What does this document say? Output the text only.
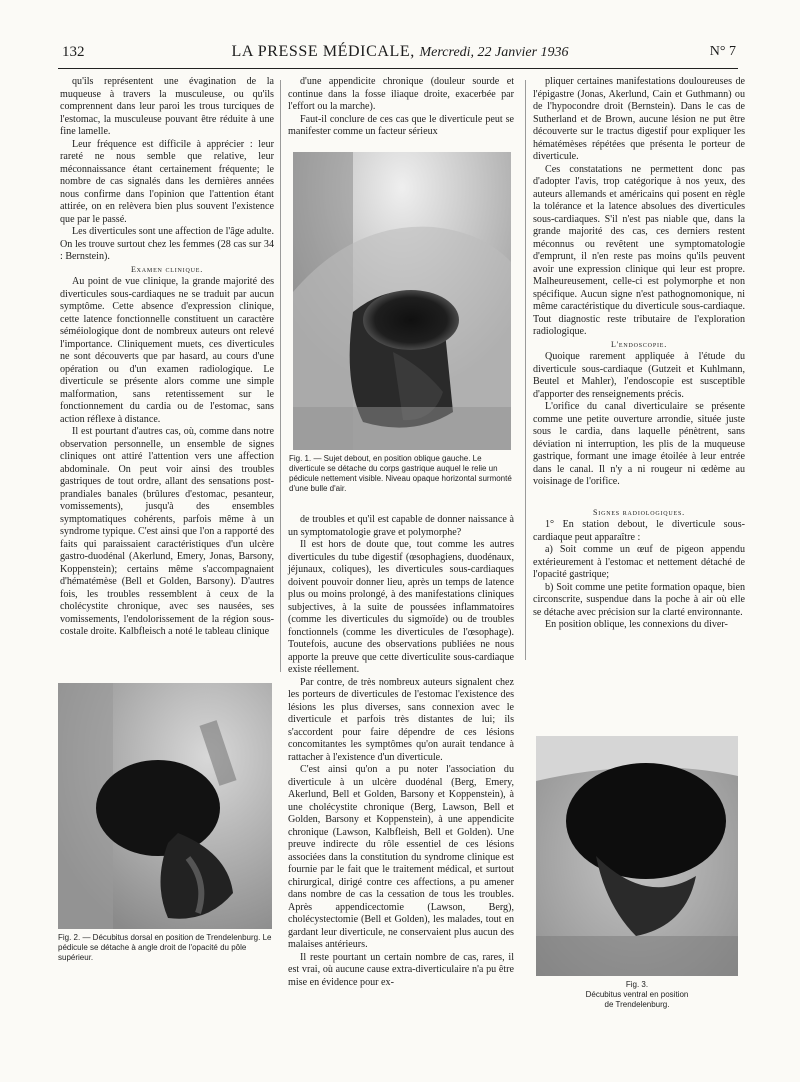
132	LA PRESSE MÉDICALE, Mercredi, 22 Janvier 1936	N° 7

qu'ils représentent une évagination de la muqueuse à travers la musculeuse, ou qu'ils comprennent dans leur paroi les trous turciques de l'estomac, la musculeuse pouvant être réduite à une fine lamelle.

Leur fréquence est difficile à apprécier : leur rareté ne nous semble que relative, leur méconnaissance étant certainement fréquente; le nombre de cas signalés dans les dernières années nous confirme dans l'opinion que l'attention étant attirée, on en relèvera bien plus souvent l'existence que par le passé.

Les diverticules sont une affection de l'âge adulte. On les trouve surtout chez les femmes (28 cas sur 34 : Bernstein).

Examen clinique.

Au point de vue clinique, la grande majorité des diverticules sous-cardiaques ne se traduit par aucun symptôme. Cette absence d'expression clinique, cette latence fonctionnelle constituent un caractère séméiologique dont de nombreux auteurs ont relevé l'importance. Cliniquement muets, ces diverticules ne sont découverts que par hasard, au cours d'une opération ou d'un examen radiologique. Le diverticule se présente alors comme une simple malformation, sans retentissement sur le fonctionnement du cardia ou de l'estomac, sans action réflexe à distance.

Il est pourtant d'autres cas, où, comme dans notre observation personnelle, un ensemble de signes cliniques ont attiré l'attention vers une affection abdominale. On peut voir ainsi des troubles gastriques de tout ordre, allant des sensations post-prandiales banales (brûlures d'estomac, pesanteur, vomissements), jusqu'à des ensembles symptomatiques cohérents, parfois même à un syndrome typique. C'est ainsi que l'on a rapporté des faits qui paraissaient caractéristiques d'un ulcère gastro-duodénal (Akerlund, Emery, Jonas, Barsony, Koppenstein); certains même s'accompagnaient d'hématémèse (Bell et Golden, Barsony). D'autres fois, les troubles ressemblent à ceux de la cholécystite chronique, avec ses nausées, ses vomissements, l'endolorissement de la région sous-costale droite. Kalbfleisch a noté le tableau clinique

d'une appendicite chronique (douleur sourde et continue dans la fosse iliaque droite, exacerbée par l'effort ou la marche).

Faut-il conclure de ces cas que le diverticule peut se manifester comme un facteur sérieux

Fig. 1. — Sujet debout, en position oblique gauche. Le diverticule se détache du corps gastrique auquel le relie un pédicule nettement visible. Niveau opaque horizontal surmonté d'une bulle d'air.

de troubles et qu'il est capable de donner naissance à un symptomatologie grave et polymorphe?

Il est hors de doute que, tout comme les autres diverticules du tube digestif (œsophagiens, duodénaux, jéjunaux, coliques), les diverticules sous-cardiaques doivent pouvoir donner lieu, après un temps de latence plus ou moins prolongé, à des manifestations cliniques subjectives, à la suite de poussées inflammatoires (comme les diverticules du sigmoïde) ou de troubles fonctionnels (comme les diverticules de l'œsophage). Toutefois, aucune des observations publiées ne nous apporte la preuve que cette diverticulite sous-cardiaque existe réellement.

Par contre, de très nombreux auteurs signalent chez les porteurs de diverticules de l'estomac l'existence des lésions les plus diverses, sans connexion avec le diverticule et parfois très distantes de lui; ils s'accordent pour faire dépendre de ces lésions concomitantes les symptômes qu'on aurait tendance à rattacher à l'existence d'un diverticule.

C'est ainsi qu'on a pu noter l'association du diverticule à un ulcère duodénal (Berg, Emery, Akerlund, Bell et Golden, Barsony et Koppenstein), à une cholécystite chronique (Berg, Lawson, Bell et Golden, Barsony et Koppenstein), à une appendicite chronique (Lawson, Kalbfleish, Bell et Golden). Une preuve indirecte du rôle essentiel de ces lésions associées dans la constitution du syndrome clinique est fournie par le fait que le traitement médical, et surtout chirurgical, dirigé contre ces affections, a pu amener dans nombre de cas la cessation de tous les troubles. Après appendicectomie (Lawson, Berg), cholécystectomie (Bell et Golden), les malades, tout en gardant leur diverticule, ne conservaient plus aucun des malaises antérieurs.

Il reste pourtant un certain nombre de cas, rares, il est vrai, où aucune cause extra-diverticulaire n'a pu être mise en évidence pour ex-

pliquer certaines manifestations douloureuses de l'épigastre (Jonas, Akerlund, Cain et Guthmann) ou de l'hypocondre droit (Bernstein). Dans le cas de Sutherland et de Brown, aucune lésion ne put être découverte sur le tractus digestif pour expliquer les hématémèses répétées que présenta le porteur de diverticule.

Ces constatations ne permettent donc pas d'adopter l'avis, trop catégorique à nos yeux, des auteurs allemands et américains qui posent en règle la tolérance et la latence absolues des diverticules sous-cardiaques. S'il n'est pas niable que, dans la grande majorité des cas, ces derniers restent méconnus ou revêtent une symptomatologie d'emprunt, il n'en reste pas moins qu'ils peuvent avoir une expression clinique qui leur est propre. Malheureusement, celle-ci est polymorphe et non spécifique. Aucun signe n'est pathognomonique, ni même caractéristique du diverticule sous-cardiaque. Tout diagnostic reste tributaire de l'exploration radiologique.

L'endoscopie.

Quoique rarement appliquée à l'étude du diverticule sous-cardiaque (Gutzeit et Kuhlmann, Beutel et Mahler), l'endoscopie est susceptible d'apporter des renseignements précis.

L'orifice du canal diverticulaire se présente comme une petite ouverture arrondie, située juste sous le cardia, dans laquelle pénètrent, sans déviation ni interruption, les plis de la muqueuse gastrique, formant une image étoilée à leur entrée dans le canal. Il n'y a ni rougeur ni œdème au voisinage de l'orifice.

Signes radiologiques.

1° En station debout, le diverticule sous-cardiaque peut apparaître :

a) Soit comme un œuf de pigeon appendu extérieurement à l'estomac et nettement détaché de l'opacité gastrique;

b) Soit comme une petite formation opaque, bien circonscrite, suspendue dans la poche à air où elle se détache avec précision sur la clarté environnante.

En position oblique, les connexions du diver-

Fig. 2. — Décubitus dorsal en position de Trendelenburg. Le pédicule se détache à angle droit de l'opacité du pôle supérieur.
Fig. 3.
Décubitus ventral en position
de Trendelenburg.
